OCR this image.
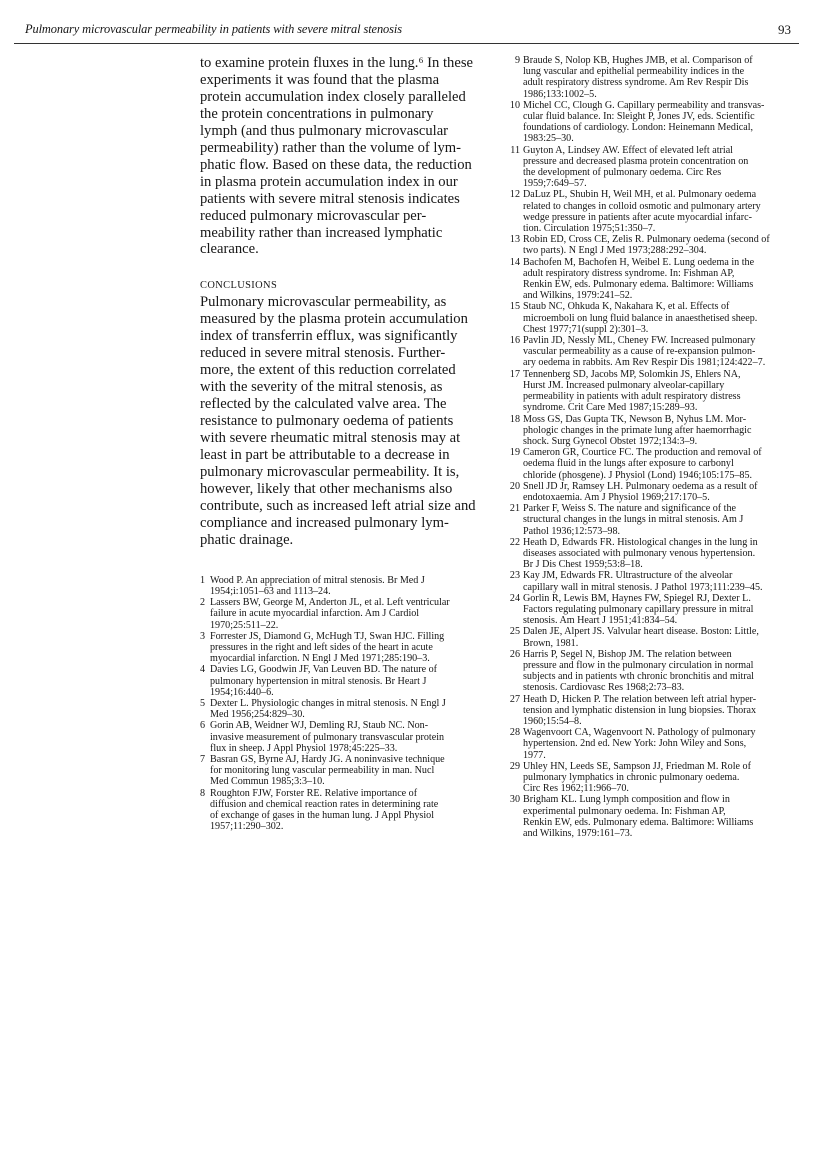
Pulmonary microvascular permeability in patients with severe mitral stenosis	93

to examine protein fluxes in the lung.⁶ In these
experiments it was found that the plasma
protein accumulation index closely paralleled
the protein concentrations in pulmonary
lymph (and thus pulmonary microvascular
permeability) rather than the volume of lym-
phatic flow. Based on these data, the reduction
in plasma protein accumulation index in our
patients with severe mitral stenosis indicates
reduced pulmonary microvascular per-
meability rather than increased lymphatic
clearance.

CONCLUSIONS

Pulmonary microvascular permeability, as
measured by the plasma protein accumulation
index of transferrin efflux, was significantly
reduced in severe mitral stenosis. Further-
more, the extent of this reduction correlated
with the severity of the mitral stenosis, as
reflected by the calculated valve area. The
resistance to pulmonary oedema of patients
with severe rheumatic mitral stenosis may at
least in part be attributable to a decrease in
pulmonary microvascular permeability. It is,
however, likely that other mechanisms also
contribute, such as increased left atrial size and
compliance and increased pulmonary lym-
phatic drainage.

1 Wood P. An appreciation of mitral stenosis. Br Med J
1954;i:1051–63 and 1113–24.
2 Lassers BW, George M, Anderton JL, et al. Left ventricular
failure in acute myocardial infarction. Am J Cardiol
1970;25:511–22.
3 Forrester JS, Diamond G, McHugh TJ, Swan HJC. Filling
pressures in the right and left sides of the heart in acute
myocardial infarction. N Engl J Med 1971;285:190–3.
4 Davies LG, Goodwin JF, Van Leuven BD. The nature of
pulmonary hypertension in mitral stenosis. Br Heart J
1954;16:440–6.
5 Dexter L. Physiologic changes in mitral stenosis. N Engl J
Med 1956;254:829–30.
6 Gorin AB, Weidner WJ, Demling RJ, Staub NC. Non-
invasive measurement of pulmonary transvascular protein
flux in sheep. J Appl Physiol 1978;45:225–33.
7 Basran GS, Byrne AJ, Hardy JG. A noninvasive technique
for monitoring lung vascular permeability in man. Nucl
Med Commun 1985;3:3–10.
8 Roughton FJW, Forster RE. Relative importance of
diffusion and chemical reaction rates in determining rate
of exchange of gases in the human lung. J Appl Physiol
1957;11:290–302.
9 Braude S, Nolop KB, Hughes JMB, et al. Comparison of
lung vascular and epithelial permeability indices in the
adult respiratory distress syndrome. Am Rev Respir Dis
1986;133:1002–5.
10 Michel CC, Clough G. Capillary permeability and transvas-
cular fluid balance. In: Sleight P, Jones JV, eds. Scientific
foundations of cardiology. London: Heinemann Medical,
1983:25–30.
11 Guyton A, Lindsey AW. Effect of elevated left atrial
pressure and decreased plasma protein concentration on
the development of pulmonary oedema. Circ Res
1959;7:649–57.
12 DaLuz PL, Shubin H, Weil MH, et al. Pulmonary oedema
related to changes in colloid osmotic and pulmonary artery
wedge pressure in patients after acute myocardial infarc-
tion. Circulation 1975;51:350–7.
13 Robin ED, Cross CE, Zelis R. Pulmonary oedema (second of
two parts). N Engl J Med 1973;288:292–304.
14 Bachofen M, Bachofen H, Weibel E. Lung oedema in the
adult respiratory distress syndrome. In: Fishman AP,
Renkin EW, eds. Pulmonary edema. Baltimore: Williams
and Wilkins, 1979:241–52.
15 Staub NC, Ohkuda K, Nakahara K, et al. Effects of
microemboli on lung fluid balance in anaesthetised sheep.
Chest 1977;71(suppl 2):301–3.
16 Pavlin JD, Nessly ML, Cheney FW. Increased pulmonary
vascular permeability as a cause of re-expansion pulmon-
ary oedema in rabbits. Am Rev Respir Dis 1981;124:422–7.
17 Tennenberg SD, Jacobs MP, Solomkin JS, Ehlers NA,
Hurst JM. Increased pulmonary alveolar-capillary
permeability in patients with adult respiratory distress
syndrome. Crit Care Med 1987;15:289–93.
18 Moss GS, Das Gupta TK, Newson B, Nyhus LM. Mor-
phologic changes in the primate lung after haemorrhagic
shock. Surg Gynecol Obstet 1972;134:3–9.
19 Cameron GR, Courtice FC. The production and removal of
oedema fluid in the lungs after exposure to carbonyl
chloride (phosgene). J Physiol (Lond) 1946;105:175–85.
20 Snell JD Jr, Ramsey LH. Pulmonary oedema as a result of
endotoxaemia. Am J Physiol 1969;217:170–5.
21 Parker F, Weiss S. The nature and significance of the
structural changes in the lungs in mitral stenosis. Am J
Pathol 1936;12:573–98.
22 Heath D, Edwards FR. Histological changes in the lung in
diseases associated with pulmonary venous hypertension.
Br J Dis Chest 1959;53:8–18.
23 Kay JM, Edwards FR. Ultrastructure of the alveolar
capillary wall in mitral stenosis. J Pathol 1973;111:239–45.
24 Gorlin R, Lewis BM, Haynes FW, Spiegel RJ, Dexter L.
Factors regulating pulmonary capillary pressure in mitral
stenosis. Am Heart J 1951;41:834–54.
25 Dalen JE, Alpert JS. Valvular heart disease. Boston: Little,
Brown, 1981.
26 Harris P, Segel N, Bishop JM. The relation between
pressure and flow in the pulmonary circulation in normal
subjects and in patients wth chronic bronchitis and mitral
stenosis. Cardiovasc Res 1968;2:73–83.
27 Heath D, Hicken P. The relation between left atrial hyper-
tension and lymphatic distension in lung biopsies. Thorax
1960;15:54–8.
28 Wagenvoort CA, Wagenvoort N. Pathology of pulmonary
hypertension. 2nd ed. New York: John Wiley and Sons,
1977.
29 Uhley HN, Leeds SE, Sampson JJ, Friedman M. Role of
pulmonary lymphatics in chronic pulmonary oedema.
Circ Res 1962;11:966–70.
30 Brigham KL. Lung lymph composition and flow in
experimental pulmonary oedema. In: Fishman AP,
Renkin EW, eds. Pulmonary edema. Baltimore: Williams
and Wilkins, 1979:161–73.
